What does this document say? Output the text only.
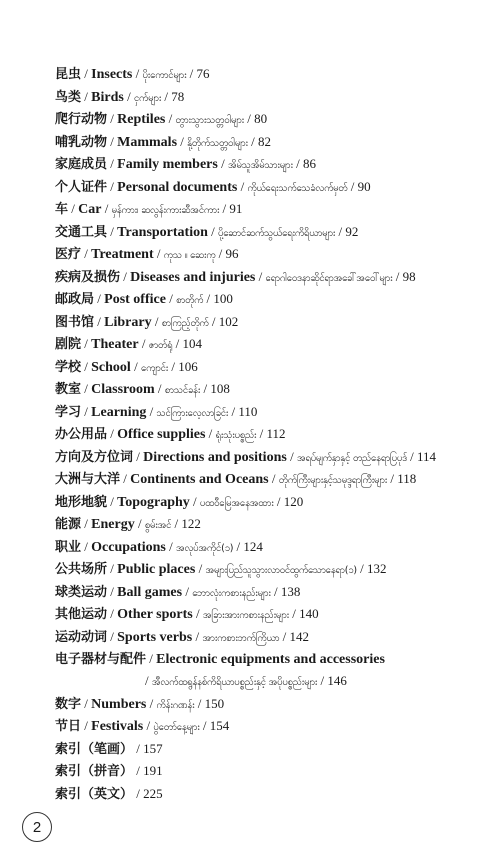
昆虫 / Insects / ပိုးကောင်များ / 76
鸟类 / Birds / ငှက်များ / 78
爬行动物 / Reptiles / တွားသွားသတ္တဝါများ / 80
哺乳动物 / Mammals / နို့တိုက်သတ္တဝါများ / 82
家庭成员 / Family members / အိမ်သူအိမ်သားများ / 86
个人证件 / Personal documents / ကိုယ်ရေးသက်သေခံလက်မှတ် / 90
车 / Car / မှန်ကား၊ ဆလွန်းကားဆီအင်ကား / 91
交通工具 / Transportation / ပို့ဆောင်ဆက်သွယ်ရေးကိရိယာများ / 92
医疗 / Treatment / ကုသ ။ ဆေးကု / 96
疾病及损伤 / Diseases and injuries / ရောဂါဝေဒနာဆိုင်ရာအခေါ်အဝေါ်များ / 98
邮政局 / Post office / စာတိုက် / 100
图书馆 / Library / စာကြည့်တိုက် / 102
剧院 / Theater / ဇာတ်ရုံ / 104
学校 / School / ကျောင်း / 106
教室 / Classroom / စာသင်ခန်း / 108
学习 / Learning / သင်ကြားလေ့လာခြင်း / 110
办公用品 / Office supplies / ရုံးသုံးပစ္စည်း / 112
方向及方位词 / Directions and positions / အရပ်မျက်နှာနှင့် တည်နေရာပြပုဒ် / 114
大洲与大洋 / Continents and Oceans / တိုက်ကြီးများနှင့်သမုဒ္ဒရာကြီးများ / 118
地形地貌 / Topography / ပထဝီမြေအနေအထား / 120
能源 / Energy / စွမ်းအင် / 122
职业 / Occupations / အလုပ်အကိုင်(၁) / 124
公共场所 / Public places / အများပြည်သူသွားလာဝင်ထွက်သောနေရာ(၁) / 132
球类运动 / Ball games / ဘောလုံးကစားနည်းများ / 138
其他运动 / Other sports / အခြားအားကစားနည်းများ / 140
运动动词 / Sports verbs / အားကစားဘက်ကြိယာ / 142
电子器材与配件 / Electronic equipments and accessories
/ အီလက်ထရွန်နစ်ကိရိယာပစ္စည်းနှင့် အပိုပစ္စည်းများ / 146
数字 / Numbers / ကိန်းဂဏန်း / 150
节日 / Festivals / ပွဲတော်နေ့များ / 154
索引（笔画） / 157
索引（拼音） / 191
索引（英文） / 225
2
